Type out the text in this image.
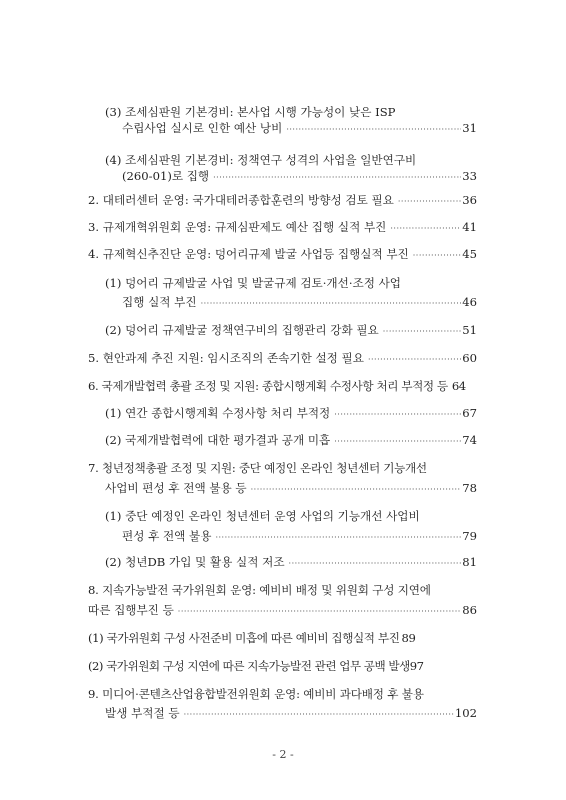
(3) 조세심판원 기본경비: 본사업 시행 가능성이 낮은 ISP
수립사업 실시로 인한 예산 낭비 ·····	31
(4) 조세심판원 기본경비: 정책연구 성격의 사업을 일반연구비
(260-01)로 집행 ·····	33
2. 대테러센터 운영: 국가대테러종합훈련의 방향성 검토 필요 ·····	36
3. 규제개혁위원회 운영: 규제심판제도 예산 집행 실적 부진 ·····	41
4. 규제혁신추진단 운영: 덩어리규제 발굴 사업등 집행실적 부진 ·····	45
(1) 덩어리 규제발굴 사업 및 발굴규제 검토·개선·조정 사업
집행 실적 부진 ·····	46
(2) 덩어리 규제발굴 정책연구비의 집행관리 강화 필요 ·····	51
5. 현안과제 추진 지원: 임시조직의 존속기한 설정 필요 ·····	60
6. 국제개발협력 총괄 조정 및 지원: 종합시행계획 수정사항 처리 부적정 등 64
(1) 연간 종합시행계획 수정사항 처리 부적정 ·····	67
(2) 국제개발협력에 대한 평가결과 공개 미흡 ·····	74
7. 청년정책총괄 조정 및 지원: 중단 예정인 온라인 청년센터 기능개선
사업비 편성 후 전액 불용 등 ·····	78
(1) 중단 예정인 온라인 청년센터 운영 사업의 기능개선 사업비
편성 후 전액 불용 ·····	79
(2) 청년DB 가입 및 활용 실적 저조 ·····	81
8. 지속가능발전 국가위원회 운영: 예비비 배정 및 위원회 구성 지연에
따른 집행부진 등 ·····	86
(1) 국가위원회 구성 사전준비 미흡에 따른 예비비 집행실적 부진 89
(2) 국가위원회 구성 지연에 따른 지속가능발전 관련 업무 공백 발생 97
9. 미디어·콘텐츠산업융합발전위원회 운영: 예비비 과다배정 후 불용
발생 부적절 등 ·····	102
- 2 -
